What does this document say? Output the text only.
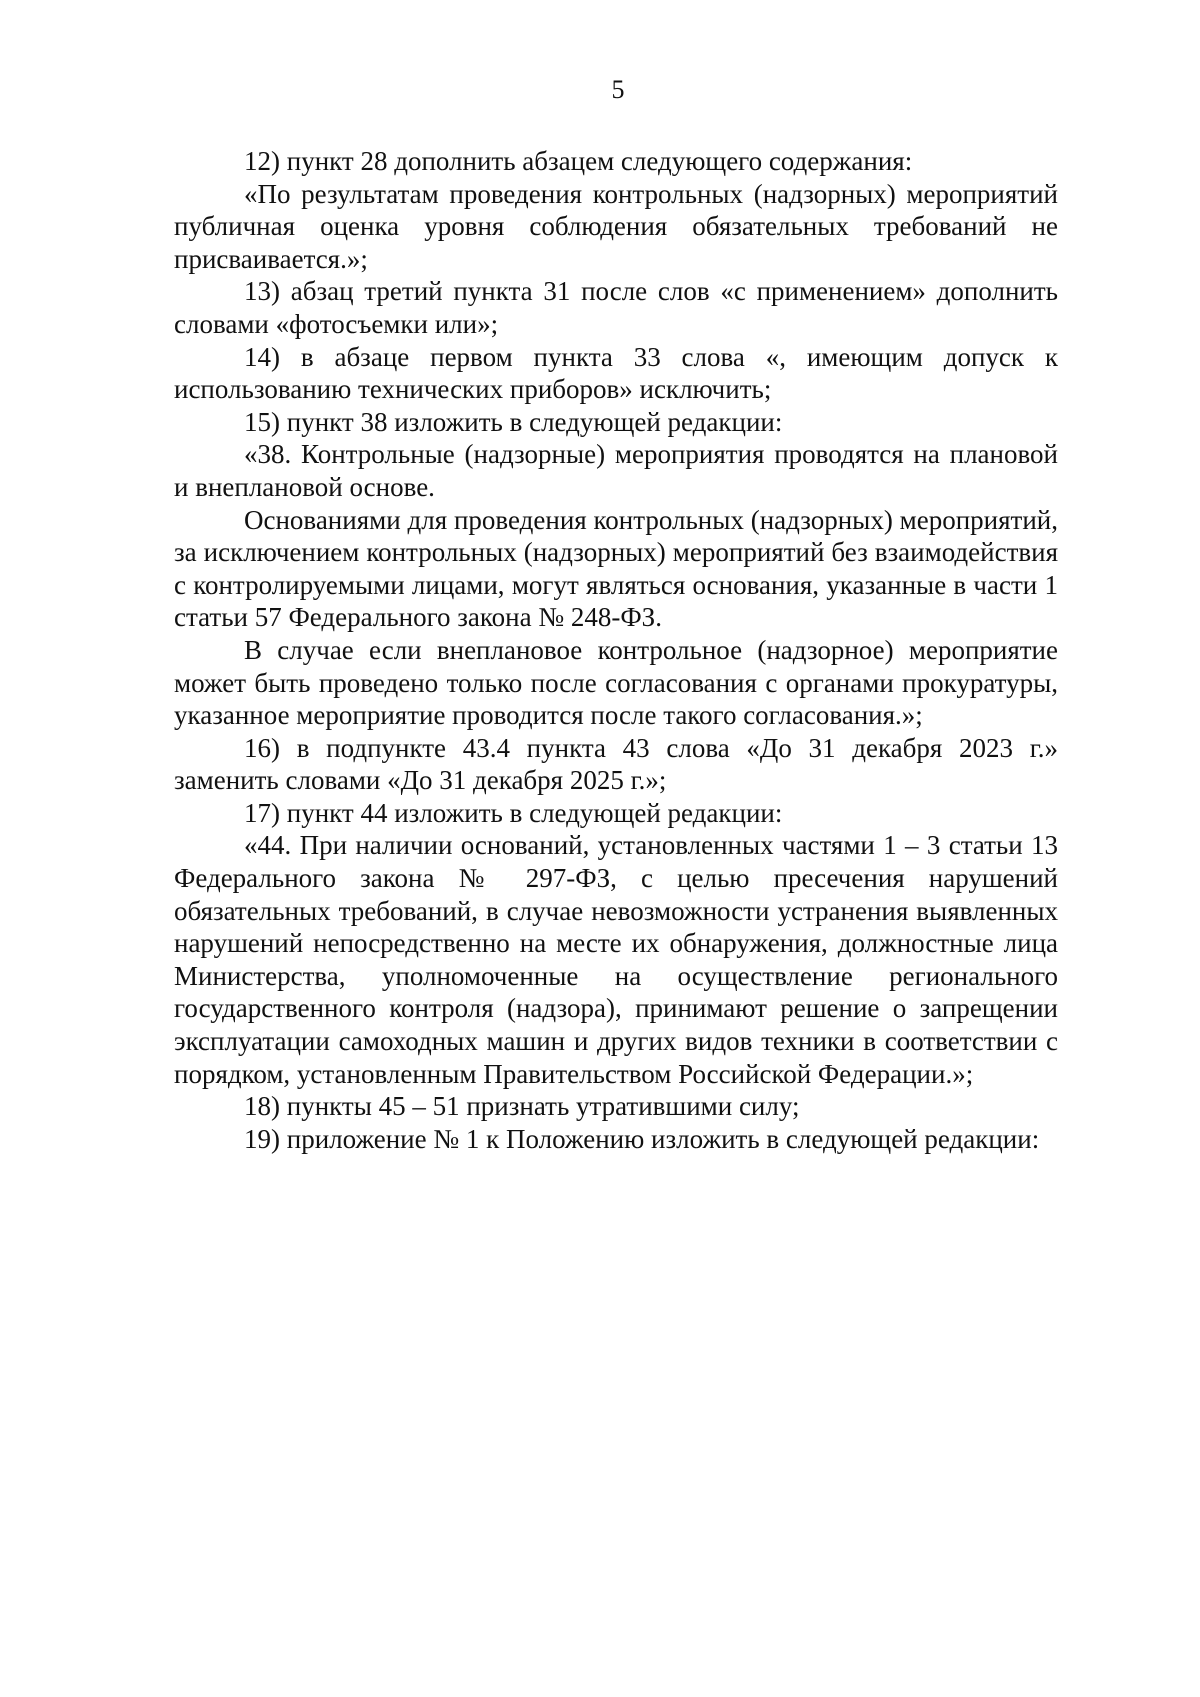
5

12) пункт 28 дополнить абзацем следующего содержания:

«По результатам проведения контрольных (надзорных) мероприятий публичная оценка уровня соблюдения обязательных требований не присваивается.»;

13) абзац третий пункта 31 после слов «с применением» дополнить словами «фотосъемки или»;

14) в абзаце первом пункта 33 слова «, имеющим допуск к использованию технических приборов» исключить;

15) пункт 38 изложить в следующей редакции:

«38. Контрольные (надзорные) мероприятия проводятся на плановой и внеплановой основе.

Основаниями для проведения контрольных (надзорных) мероприятий, за исключением контрольных (надзорных) мероприятий без взаимодействия с контролируемыми лицами, могут являться основания, указанные в части 1 статьи 57 Федерального закона № 248-ФЗ.

В случае если внеплановое контрольное (надзорное) мероприятие может быть проведено только после согласования с органами прокуратуры, указанное мероприятие проводится после такого согласования.»;

16) в подпункте 43.4 пункта 43 слова «До 31 декабря 2023 г.» заменить словами «До 31 декабря 2025 г.»;

17) пункт 44 изложить в следующей редакции:

«44. При наличии оснований, установленных частями 1 – 3 статьи 13 Федерального закона № 297-ФЗ, с целью пресечения нарушений обязательных требований, в случае невозможности устранения выявленных нарушений непосредственно на месте их обнаружения, должностные лица Министерства, уполномоченные на осуществление регионального государственного контроля (надзора), принимают решение о запрещении эксплуатации самоходных машин и других видов техники в соответствии с порядком, установленным Правительством Российской Федерации.»;

18) пункты 45 – 51 признать утратившими силу;

19) приложение № 1 к Положению изложить в следующей редакции:
